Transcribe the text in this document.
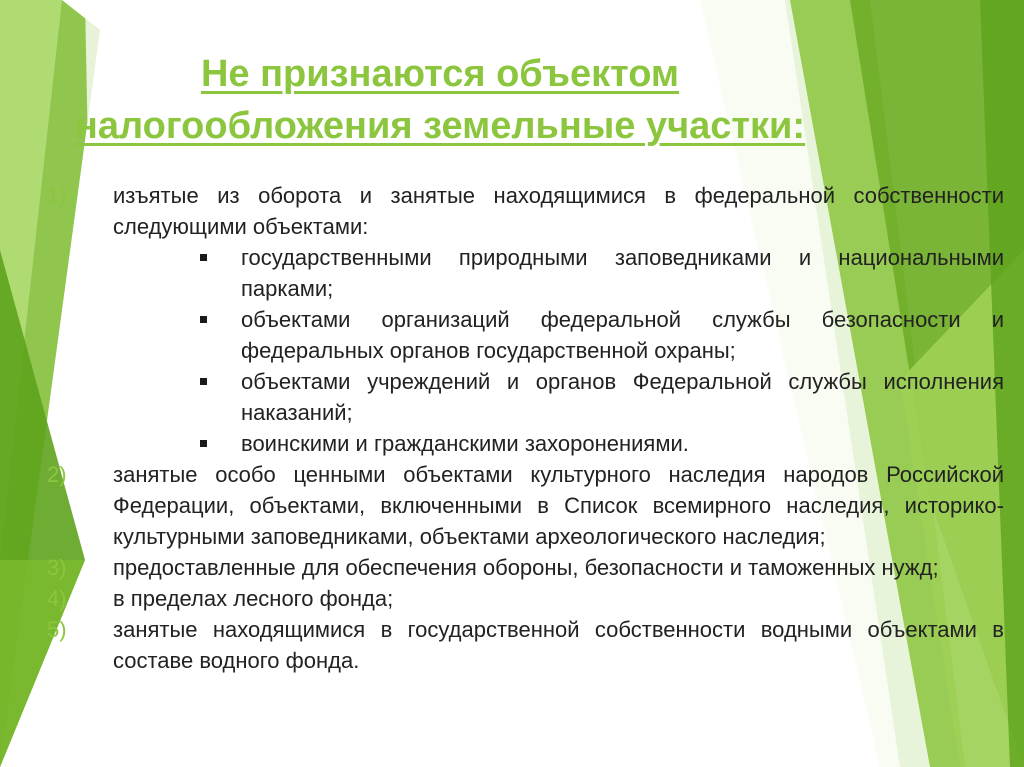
Не признаются объектом
налогообложения земельные участки:
1) изъятые из оборота и занятые находящимися в федеральной собственности следующими объектами:
государственными природными заповедниками и национальными парками;
объектами организаций федеральной службы безопасности и федеральных органов государственной охраны;
объектами учреждений и органов Федеральной службы исполнения наказаний;
воинскими и гражданскими захоронениями.
2) занятые особо ценными объектами культурного наследия народов Российской Федерации, объектами, включенными в Список всемирного наследия, историко-культурными заповедниками, объектами археологического наследия;
3) предоставленные для обеспечения обороны, безопасности и таможенных нужд;
4) в пределах лесного фонда;
5) занятые находящимися в государственной собственности водными объектами в составе водного фонда.
